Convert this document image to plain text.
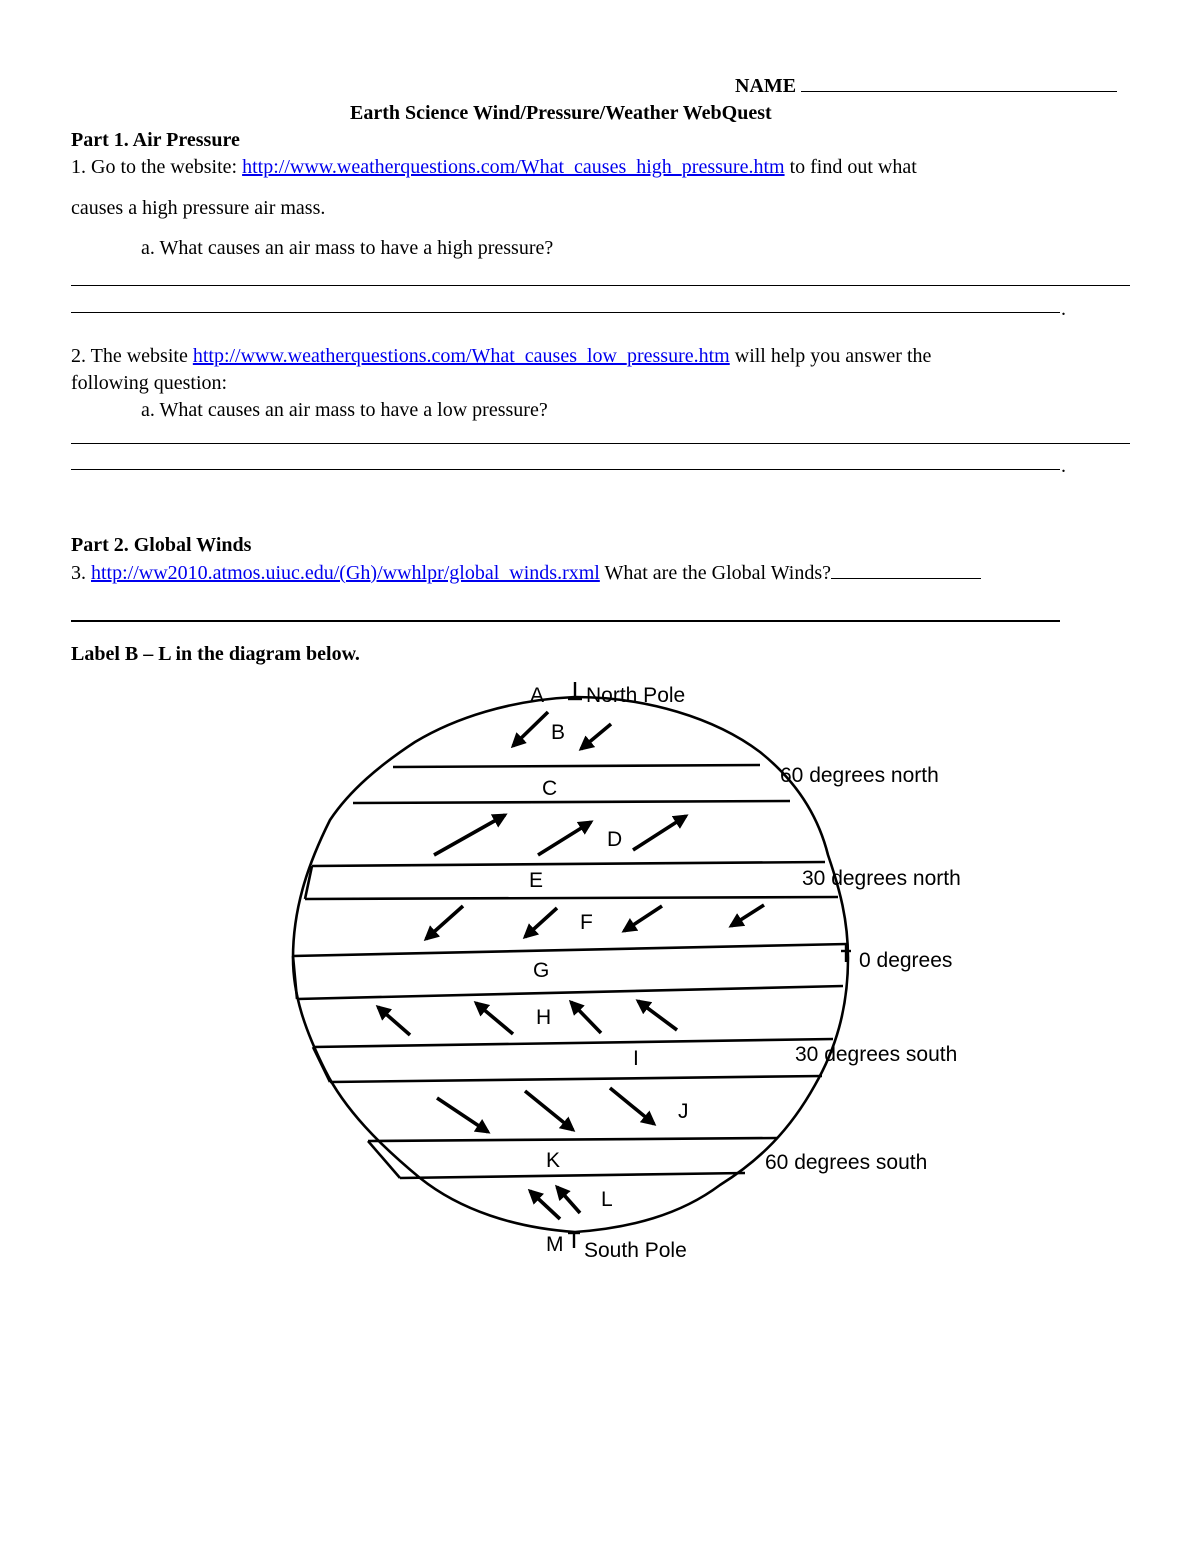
NAME
Earth Science Wind/Pressure/Weather WebQuest
Part 1. Air Pressure
1. Go to the website: http://www.weatherquestions.com/What_causes_high_pressure.htm to find out what
causes a high pressure air mass.
a. What causes an air mass to have a high pressure?
.
2. The website http://www.weatherquestions.com/What_causes_low_pressure.htm will help you answer the
following question:
a. What causes an air mass to have a low pressure?
.
Part 2. Global Winds
3. http://ww2010.atmos.uiuc.edu/(Gh)/wwhlpr/global_winds.rxml What are the Global Winds?
Label B – L in the diagram below.
A
B
C
D
E
F
G
H
I
J
K
L
M
North Pole
60 degrees north
30 degrees north
0 degrees
30 degrees south
60 degrees south
South Pole
